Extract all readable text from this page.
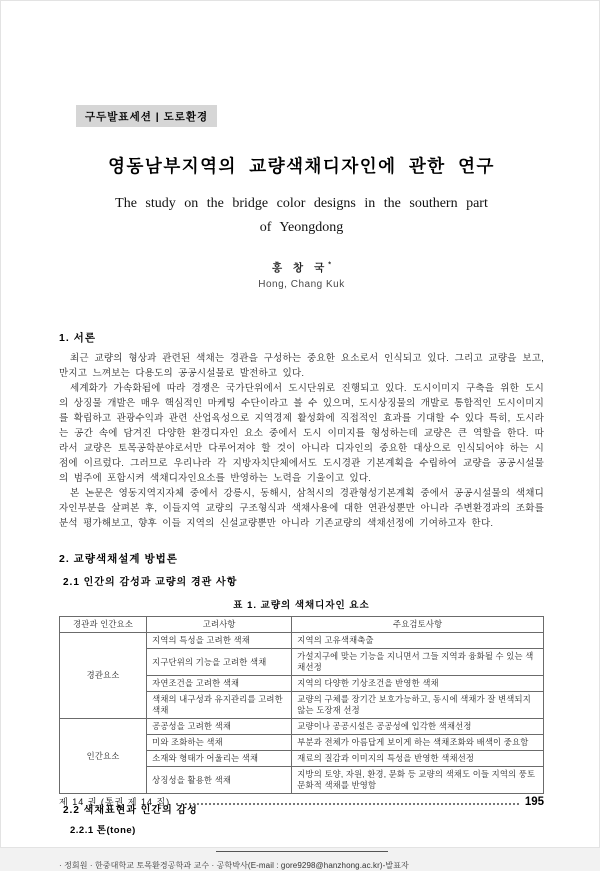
구두발표세션 | 도로환경
영동남부지역의 교량색채디자인에 관한 연구
The study on the bridge color designs in the southern part
of Yeongdong
홍 창 국*
Hong, Chang Kuk
1. 서론

최근 교량의 형상과 관련된 색채는 경관을 구성하는 중요한 요소로서 인식되고 있다. 그리고 교량을 보고, 만지고 느껴보는 다용도의 공공시설물로 발전하고 있다.

세계화가 가속화됨에 따라 경쟁은 국가단위에서 도시단위로 진행되고 있다. 도시이미지 구축을 위한 도시의 상징물 개발은 매우 핵심적인 마케팅 수단이라고 볼 수 있으며, 도시상징물의 개발로 통합적인 도시이미지를 확립하고 관광수익과 관련 산업육성으로 지역경제 활성화에 직접적인 효과를 기대할 수 있다 특히, 도시라는 공간 속에 담겨진 다양한 환경디자인 요소 중에서 도시 이미지를 형성하는데 교량은 큰 역할을 한다. 따라서 교량은 토목공학분야로서만 다루어져야 할 것이 아니라 디자인의 중요한 대상으로 인식되어야 하는 시점에 이르렀다. 그러므로 우리나라 각 지방자치단체에서도 도시경관 기본계획을 수립하여 교량을 공공시설물의 범주에 포함시켜 색채디자인요소를 반영하는 노력을 기울이고 있다.

본 논문은 영동지역지자체 중에서 강릉시, 동해시, 삼척시의 경관형성기본계획 중에서 공공시설물의 색채디자인부분을 살펴본 후, 이들지역 교량의 구조형식과 색채사용에 대한 연관성뿐만 아니라 주변환경과의 조화를 분석 평가해보고, 향후 이들 지역의 신설교량뿐만 아니라 기존교량의 색채선정에 기여하고자 한다.

2. 교량색채설계 방법론
2.1 인간의 감성과 교량의 경관 사항
표 1. 교량의 색채디자인 요소
경관과 인간요소	고려사항	주요검토사항
경관요소	지역의 특성을 고려한 색채	지역의 고유색채축출
	지구단위의 기능을 고려한 색채	가설지구에 맞는 기능을 지니면서 그들 지역과 융화될 수 있는 색채선정
	자연조건을 고려한 색채	지역의 다양한 기상조건을 반영한 색채
	색채의 내구성과 유지관리를 고려한 색채	교량의 구체를 장기간 보호가능하고, 동시에 색채가 잘 변색되지 않는 도장재 선정
인간요소	공공성을 고려한 색채	교량이나 공공시설은 공공성에 입각한 색채선정
	미와 조화하는 색채	부분과 전체가 아름답게 보이게 하는 색채조화와 배색이 중요함
	소재와 형태가 어울리는 색채	재료의 질감과 이미지의 특성을 반영한 색채선정
	상징성을 활용한 색채	지방의 토양, 자원, 환경, 문화 등 교량의 색채도 이들 지역의 풍토문화적 색채를 반영함
2.2 색채표현과 인간의 감성
2.2.1 톤(tone)
· 정회원 · 한중대학교 토목환경공학과 교수 · 공학박사(E-mail : gore9298@hanzhong.ac.kr)-발표자
제 14 권 (통권 제 14 집)	195
